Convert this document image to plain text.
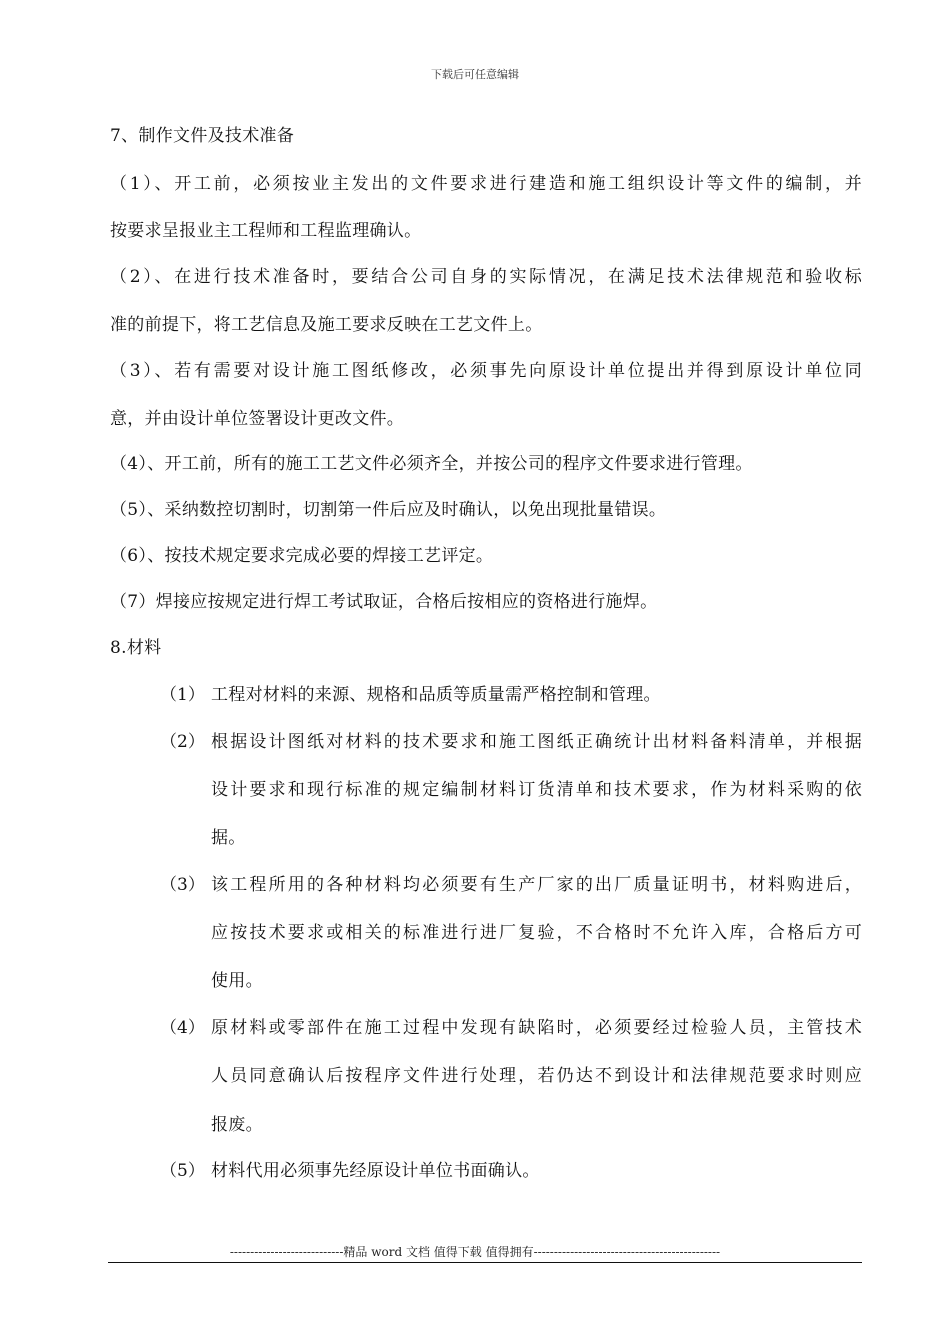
下载后可任意编辑
7、制作文件及技术准备
（1）、开工前，必须按业主发出的文件要求进行建造和施工组织设计等文件的编制，并
按要求呈报业主工程师和工程监理确认。
（2）、在进行技术准备时，要结合公司自身的实际情况，在满足技术法律规范和验收标
准的前提下，将工艺信息及施工要求反映在工艺文件上。
（3）、若有需要对设计施工图纸修改，必须事先向原设计单位提出并得到原设计单位同
意，并由设计单位签署设计更改文件。
（4）、开工前，所有的施工工艺文件必须齐全，并按公司的程序文件要求进行管理。
（5）、采纳数控切割时，切割第一件后应及时确认，以免出现批量错误。
（6）、按技术规定要求完成必要的焊接工艺评定。
（7）焊接应按规定进行焊工考试取证，合格后按相应的资格进行施焊。
8.材料
（1） 工程对材料的来源、规格和品质等质量需严格控制和管理。
（2） 根据设计图纸对材料的技术要求和施工图纸正确统计出材料备料清单，并根据
设计要求和现行标准的规定编制材料订货清单和技术要求，作为材料采购的依
据。
（3） 该工程所用的各种材料均必须要有生产厂家的出厂质量证明书，材料购进后，
应按技术要求或相关的标准进行进厂复验，不合格时不允许入库，合格后方可
使用。
（4） 原材料或零部件在施工过程中发现有缺陷时，必须要经过检验人员，主管技术
人员同意确认后按程序文件进行处理，若仍达不到设计和法律规范要求时则应
报废。
（5） 材料代用必须事先经原设计单位书面确认。
----------------------------精品 word 文档 值得下载 值得拥有----------------------------------------------
